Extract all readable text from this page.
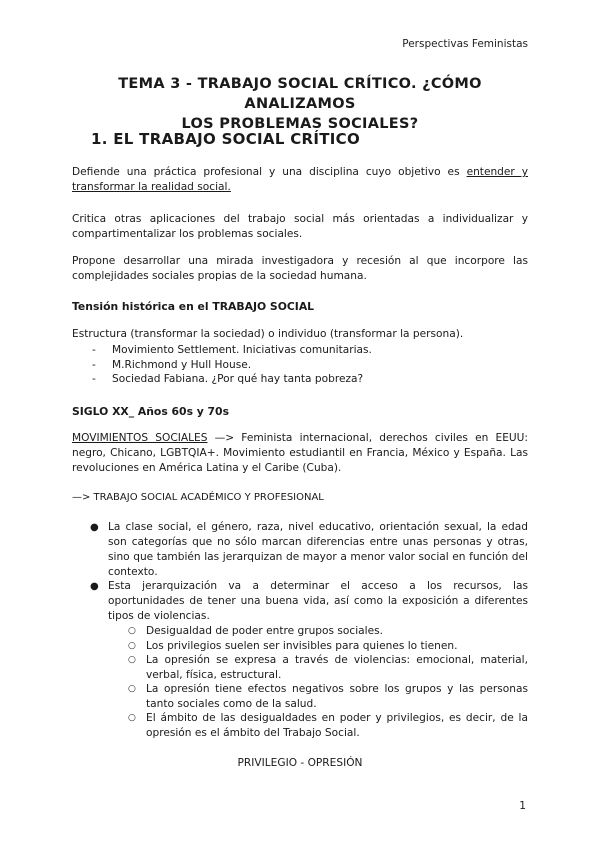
Perspectivas Feministas
TEMA 3 - TRABAJO SOCIAL CRÍTICO. ¿CÓMO ANALIZAMOS
LOS PROBLEMAS SOCIALES?
1. EL TRABAJO SOCIAL CRÍTICO
Defiende una práctica profesional y una disciplina cuyo objetivo es entender y transformar la realidad social.
Critica otras aplicaciones del trabajo social más orientadas a individualizar y compartimentalizar los problemas sociales.
Propone desarrollar una mirada investigadora y recesión al que incorpore las complejidades sociales propias de la sociedad humana.
Tensión histórica en el TRABAJO SOCIAL
Estructura (transformar la sociedad) o individuo (transformar la persona).
- Movimiento Settlement. Iniciativas comunitarias.
- M.Richmond y Hull House.
- Sociedad Fabiana. ¿Por qué hay tanta pobreza?
SIGLO XX_ Años 60s y 70s
MOVIMIENTOS SOCIALES —> Feminista internacional, derechos civiles en EEUU: negro, Chicano, LGBTQIA+. Movimiento estudiantil en Francia, México y España. Las revoluciones en América Latina y el Caribe (Cuba).
—> TRABAJO SOCIAL ACADÉMICO Y PROFESIONAL
● La clase social, el género, raza, nivel educativo, orientación sexual, la edad son categorías que no sólo marcan diferencias entre unas personas y otras, sino que también las jerarquizan de mayor a menor valor social en función del contexto.
● Esta jerarquización va a determinar el acceso a los recursos, las oportunidades de tener una buena vida, así como la exposición a diferentes tipos de violencias.
○ Desigualdad de poder entre grupos sociales.
○ Los privilegios suelen ser invisibles para quienes lo tienen.
○ La opresión se expresa a través de violencias: emocional, material, verbal, física, estructural.
○ La opresión tiene efectos negativos sobre los grupos y las personas tanto sociales como de la salud.
○ El ámbito de las desigualdades en poder y privilegios, es decir, de la opresión es el ámbito del Trabajo Social.
PRIVILEGIO - OPRESIÓN
1
